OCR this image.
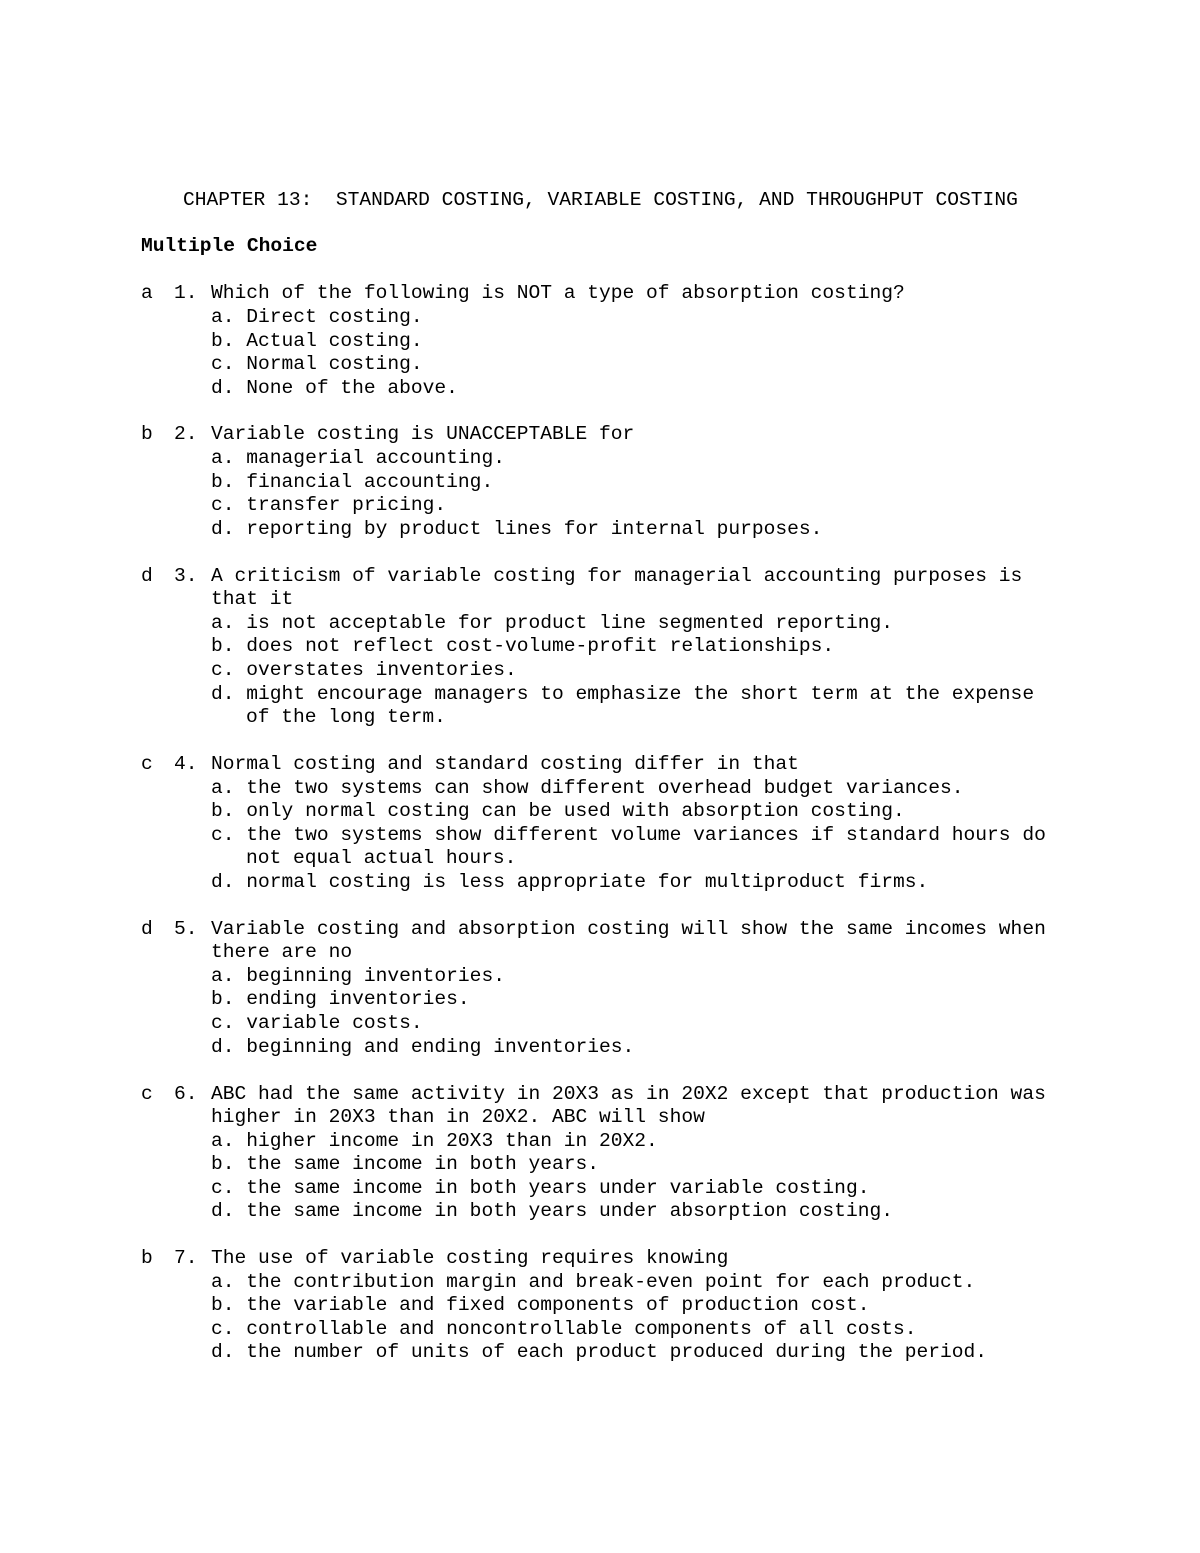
CHAPTER 13:  STANDARD COSTING, VARIABLE COSTING, AND THROUGHPUT COSTING
Multiple Choice
a 1. Which of the following is NOT a type of absorption costing?
a. Direct costing.
b. Actual costing.
c. Normal costing.
d. None of the above.
b 2. Variable costing is UNACCEPTABLE for
a. managerial accounting.
b. financial accounting.
c. transfer pricing.
d. reporting by product lines for internal purposes.
d 3. A criticism of variable costing for managerial accounting purposes is
that it
a. is not acceptable for product line segmented reporting.
b. does not reflect cost-volume-profit relationships.
c. overstates inventories.
d. might encourage managers to emphasize the short term at the expense
of the long term.
c 4. Normal costing and standard costing differ in that
a. the two systems can show different overhead budget variances.
b. only normal costing can be used with absorption costing.
c. the two systems show different volume variances if standard hours do
not equal actual hours.
d. normal costing is less appropriate for multiproduct firms.
d 5. Variable costing and absorption costing will show the same incomes when
there are no
a. beginning inventories.
b. ending inventories.
c. variable costs.
d. beginning and ending inventories.
c 6. ABC had the same activity in 20X3 as in 20X2 except that production was
higher in 20X3 than in 20X2. ABC will show
a. higher income in 20X3 than in 20X2.
b. the same income in both years.
c. the same income in both years under variable costing.
d. the same income in both years under absorption costing.
b 7. The use of variable costing requires knowing
a. the contribution margin and break-even point for each product.
b. the variable and fixed components of production cost.
c. controllable and noncontrollable components of all costs.
d. the number of units of each product produced during the period.
